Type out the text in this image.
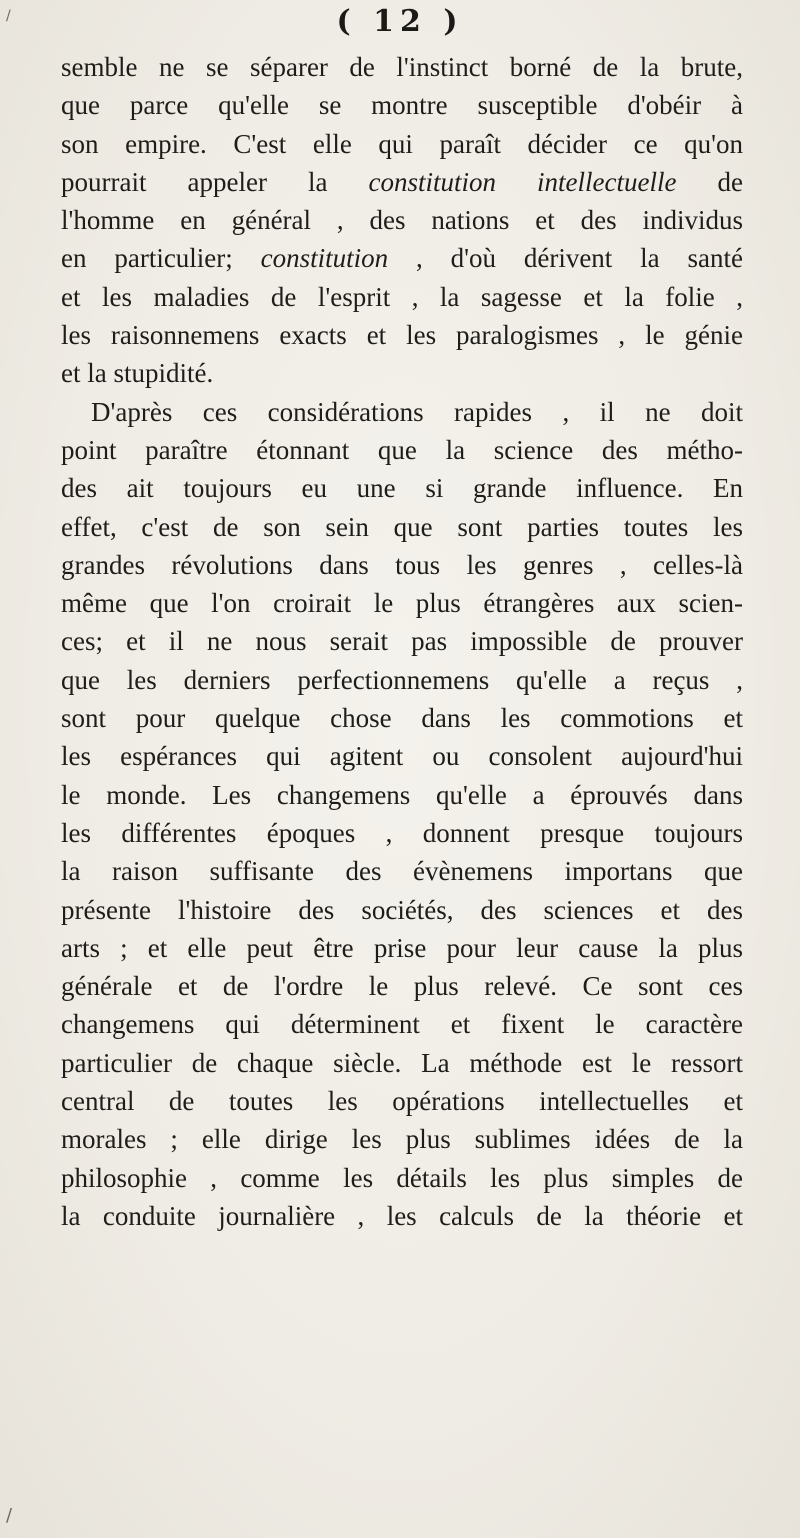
( 12 )
semble ne se séparer de l'instinct borné de la brute,
que parce qu'elle se montre susceptible d'obéir à
son empire. C'est elle qui paraît décider ce qu'on
pourrait appeler la constitution intellectuelle de
l'homme en général , des nations et des individus
en particulier; constitution , d'où dérivent la santé
et les maladies de l'esprit , la sagesse et la folie ,
les raisonnemens exacts et les paralogismes , le génie
et la stupidité.
D'après ces considérations rapides , il ne doit
point paraître étonnant que la science des métho-
des ait toujours eu une si grande influence. En
effet, c'est de son sein que sont parties toutes les
grandes révolutions dans tous les genres , celles-là
même que l'on croirait le plus étrangères aux scien-
ces; et il ne nous serait pas impossible de prouver
que les derniers perfectionnemens qu'elle a reçus ,
sont pour quelque chose dans les commotions et
les espérances qui agitent ou consolent aujourd'hui
le monde. Les changemens qu'elle a éprouvés dans
les différentes époques , donnent presque toujours
la raison suffisante des évènemens importans que
présente l'histoire des sociétés, des sciences et des
arts ; et elle peut être prise pour leur cause la plus
générale et de l'ordre le plus relevé. Ce sont ces
changemens qui déterminent et fixent le caractère
particulier de chaque siècle. La méthode est le ressort
central de toutes les opérations intellectuelles et
morales ; elle dirige les plus sublimes idées de la
philosophie , comme les détails les plus simples de
la conduite journalière , les calculs de la théorie et
/
/
